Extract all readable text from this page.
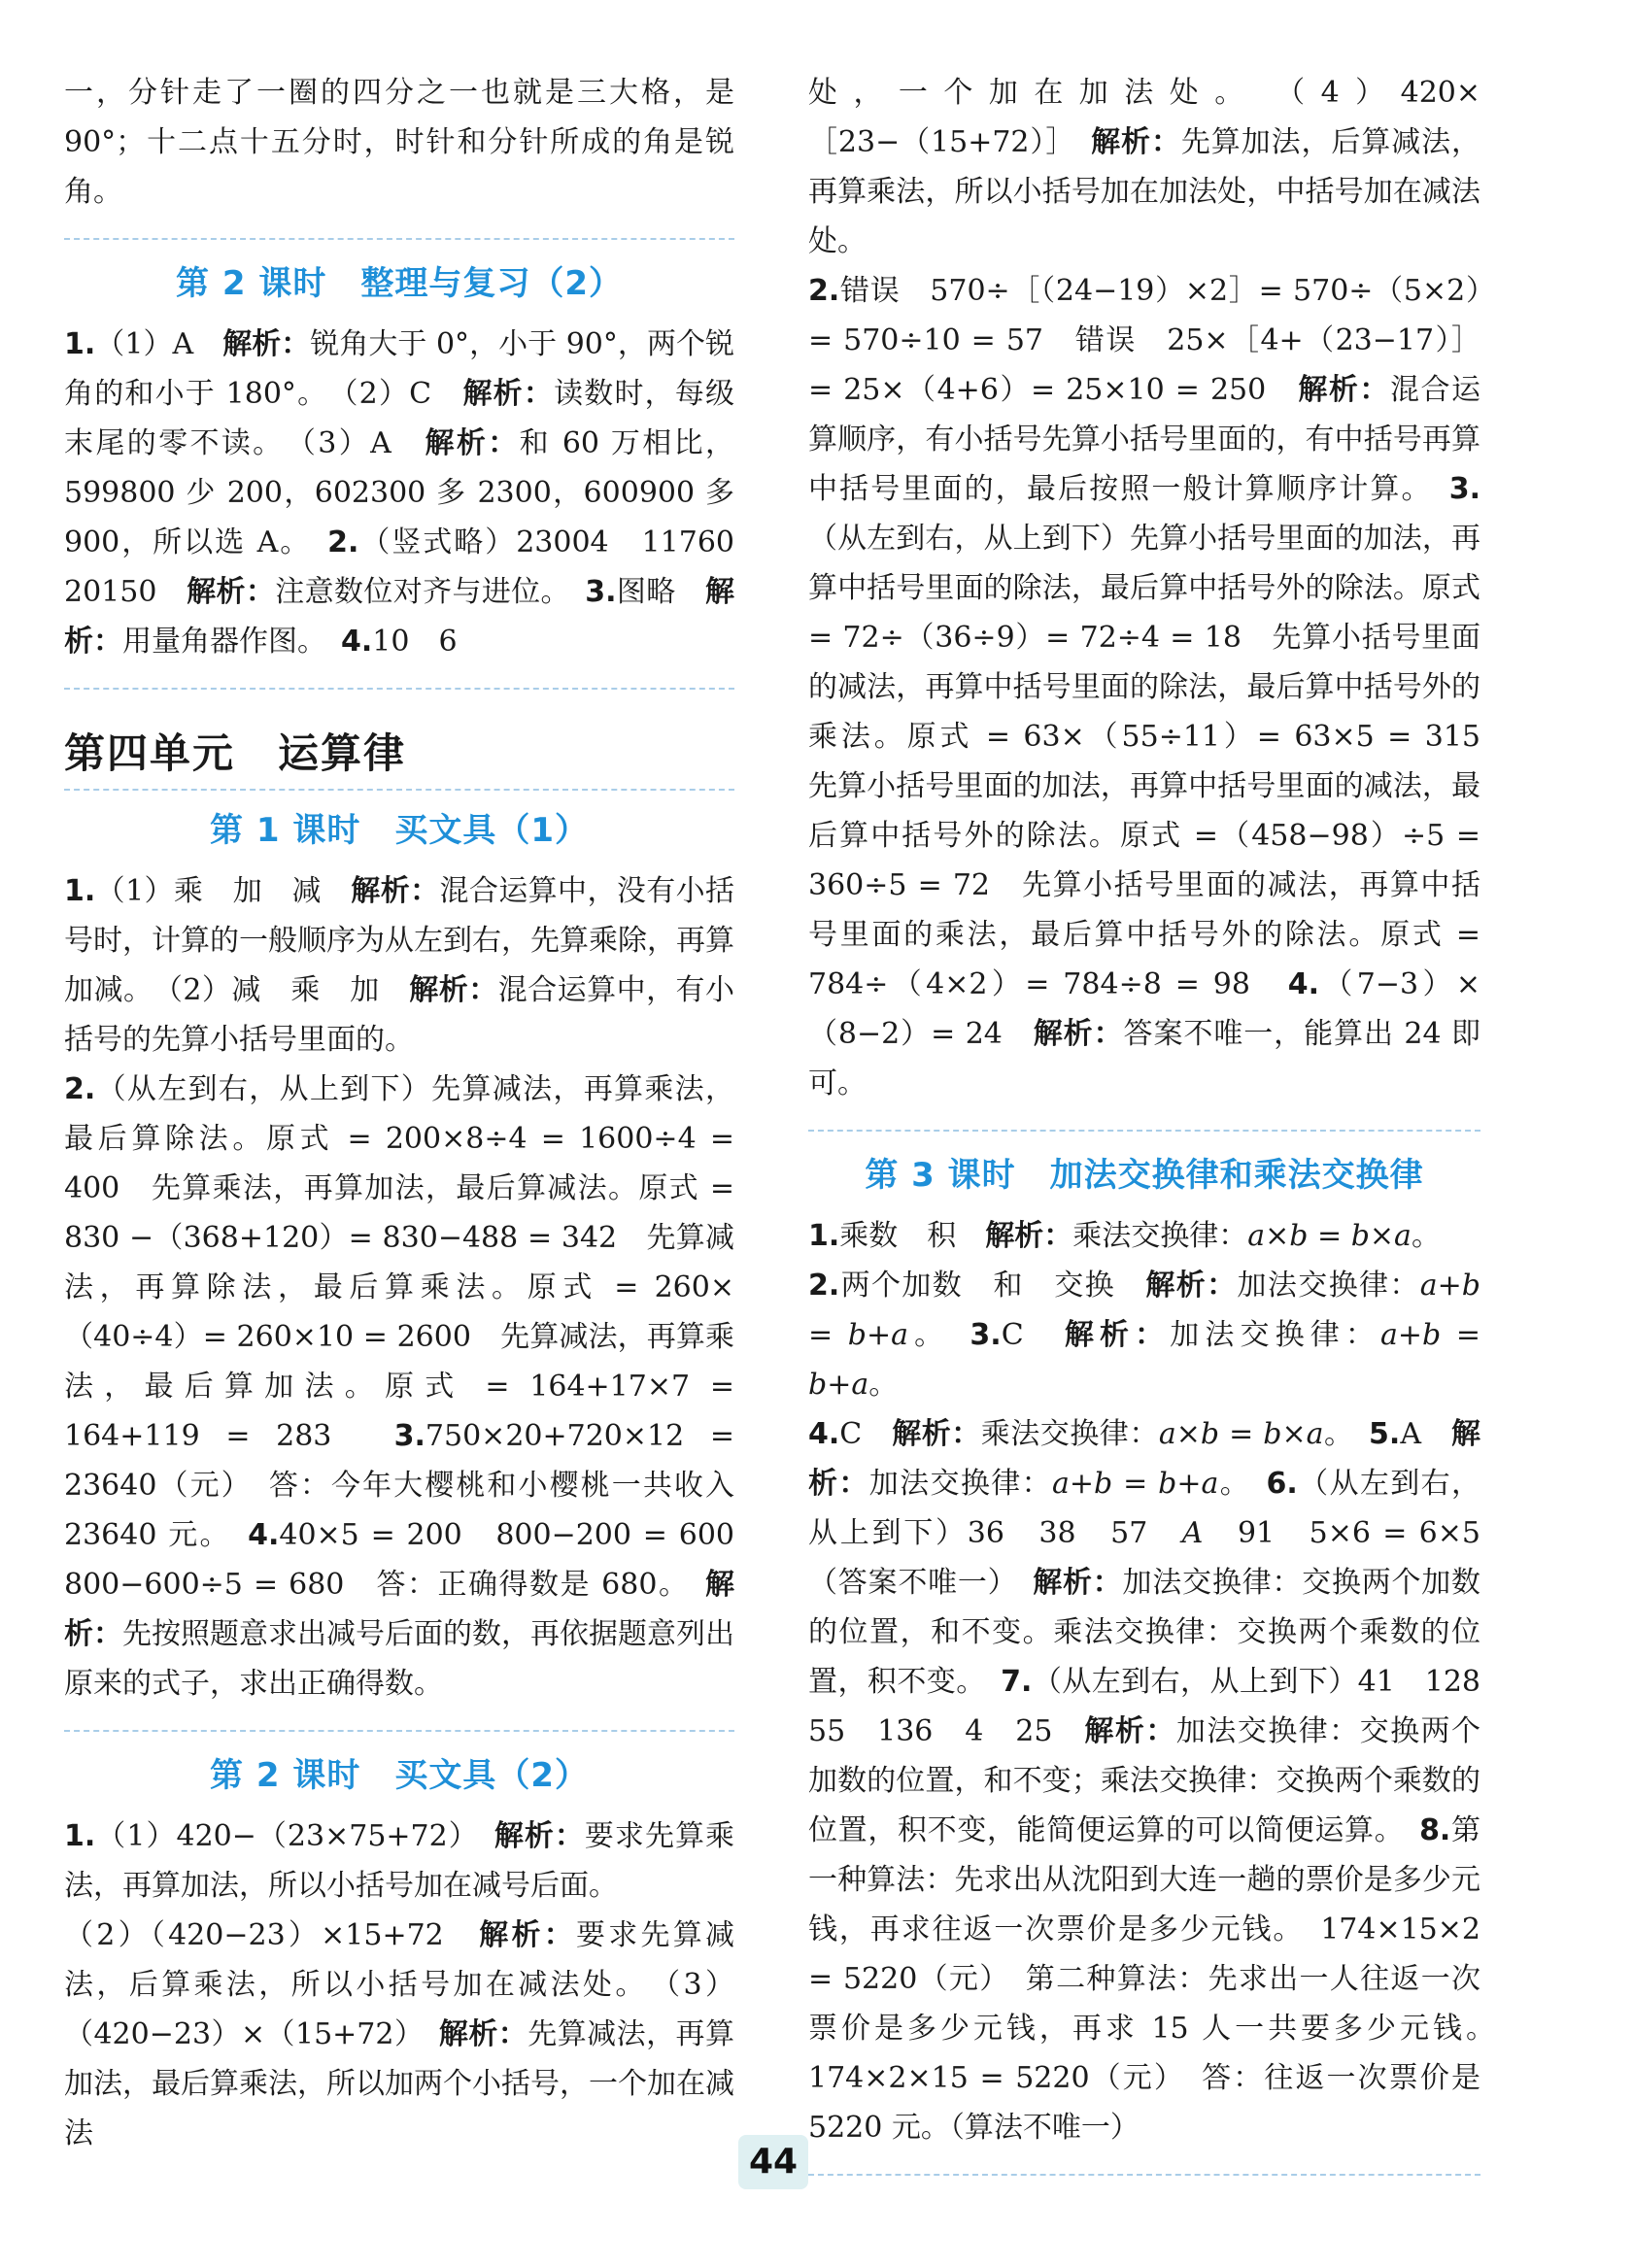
一，分针走了一圈的四分之一也就是三大格，是90°；十二点十五分时，时针和分针所成的角是锐角。

第 2 课时　整理与复习（2）

1.（1）A　解析：锐角大于 0°，小于 90°，两个锐角的和小于 180°。　（2）C　解析：读数时，每级末尾的零不读。　（3）A　解析：和 60 万相比，599800 少 200，602300 多 2300，600900 多 900，所以选 A。　2.（竖式略）23004　11760　20150　解析：注意数位对齐与进位。　3.图略　解析：用量角器作图。　4.10　6

第四单元　运算律
第 1 课时　买文具（1）

1.（1）乘　加　减　解析：混合运算中，没有小括号时，计算的一般顺序为从左到右，先算乘除，再算加减。　（2）减　乘　加　解析：混合运算中，有小括号的先算小括号里面的。
2.（从左到右，从上到下）先算减法，再算乘法，最后算除法。原式 = 200×8÷4 = 1600÷4 = 400　先算乘法，再算加法，最后算减法。原式 = 830 −（368+120）= 830−488 = 342　先算减法，再算除法，最后算乘法。原式 = 260×（40÷4）= 260×10 = 2600　先算减法，再算乘法，最后算加法。原式 = 164+17×7 = 164+119 = 283　3.750×20+720×12 = 23640（元）　答：今年大樱桃和小樱桃一共收入 23640 元。　4.40×5 = 200　800−200 = 600　800−600÷5 = 680　答：正确得数是 680。　解析：先按照题意求出减号后面的数，再依据题意列出原来的式子，求出正确得数。

第 2 课时　买文具（2）

1.（1）420−（23×75+72）　解析：要求先算乘法，再算加法，所以小括号加在减号后面。
（2）（420−23）×15+72　解析：要求先算减法，后算乘法，所以小括号加在减法处。　（3）（420−23）×（15+72）　解析：先算减法，再算加法，最后算乘法，所以加两个小括号，一个加在减法

处，一个加在加法处。　（4）420×［23−（15+72）］　解析：先算加法，后算减法，再算乘法，所以小括号加在加法处，中括号加在减法处。
2.错误　570÷［（24−19）×2］= 570÷（5×2）= 570÷10 = 57　错误　25×［4+（23−17）］= 25×（4+6）= 25×10 = 250　解析：混合运算顺序，有小括号先算小括号里面的，有中括号再算中括号里面的，最后按照一般计算顺序计算。　3.（从左到右，从上到下）先算小括号里面的加法，再算中括号里面的除法，最后算中括号外的除法。原式 = 72÷（36÷9）= 72÷4 = 18　先算小括号里面的减法，再算中括号里面的除法，最后算中括号外的乘法。原式 = 63×（55÷11）= 63×5 = 315　先算小括号里面的加法，再算中括号里面的减法，最后算中括号外的除法。原式 =（458−98）÷5 = 360÷5 = 72　先算小括号里面的减法，再算中括号里面的乘法，最后算中括号外的除法。原式 = 784÷（4×2）= 784÷8 = 98　4.（7−3）×（8−2）= 24　解析：答案不唯一，能算出 24 即可。

第 3 课时　加法交换律和乘法交换律

1.乘数　积　解析：乘法交换律：a×b = b×a。
2.两个加数　和　交换　解析：加法交换律：a+b = b+a。　3.C　解析：加法交换律：a+b = b+a。
4.C　解析：乘法交换律：a×b = b×a。　5.A　解析：加法交换律：a+b = b+a。　6.（从左到右，从上到下）36　38　57　A　91　5×6 = 6×5（答案不唯一）　解析：加法交换律：交换两个加数的位置，和不变。乘法交换律：交换两个乘数的位置，积不变。　7.（从左到右，从上到下）41　128　55　136　4　25　解析：加法交换律：交换两个加数的位置，和不变；乘法交换律：交换两个乘数的位置，积不变，能简便运算的可以简便运算。　8.第一种算法：先求出从沈阳到大连一趟的票价是多少元钱，再求往返一次票价是多少元钱。　174×15×2 = 5220（元）　第二种算法：先求出一人往返一次票价是多少元钱，再求 15 人一共要多少元钱。　174×2×15 = 5220（元）　答：往返一次票价是 5220 元。（算法不唯一）

44
